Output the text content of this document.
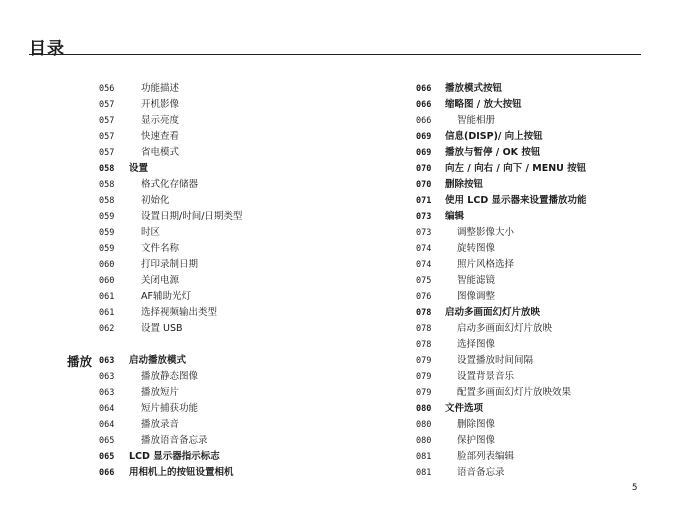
目录
播放
056	功能描述
057	开机影像
057	显示亮度
057	快速查看
057	省电模式
058 设置
058	格式化存储器
058	初始化
059	设置日期/时间/日期类型
059	时区
059	文件名称
060	打印录制日期
060	关闭电源
061	AF辅助光灯
061	选择视频输出类型
062	设置 USB
063 启动播放模式
063	播放静态图像
063	播放短片
064	短片捕获功能
064	播放录音
065	播放语音备忘录
065 LCD 显示器指示标志
066 用相机上的按钮设置相机
066 播放模式按钮
066 缩略图 / 放大按钮
066	智能相册
069 信息(DISP)/ 向上按钮
069 播放与暂停 / OK 按钮
070 向左 / 向右 / 向下 / MENU 按钮
070 删除按钮
071 使用 LCD 显示器来设置播放功能
073 编辑
073	调整影像大小
074	旋转图像
074	照片风格选择
075	智能滤镜
076	图像调整
078 启动多画面幻灯片放映
078	启动多画面幻灯片放映
078	选择图像
079	设置播放时间间隔
079	设置背景音乐
079	配置多画面幻灯片放映效果
080 文件选项
080	删除图像
080	保护图像
081	脸部列表编辑
081	语音备忘录
5
